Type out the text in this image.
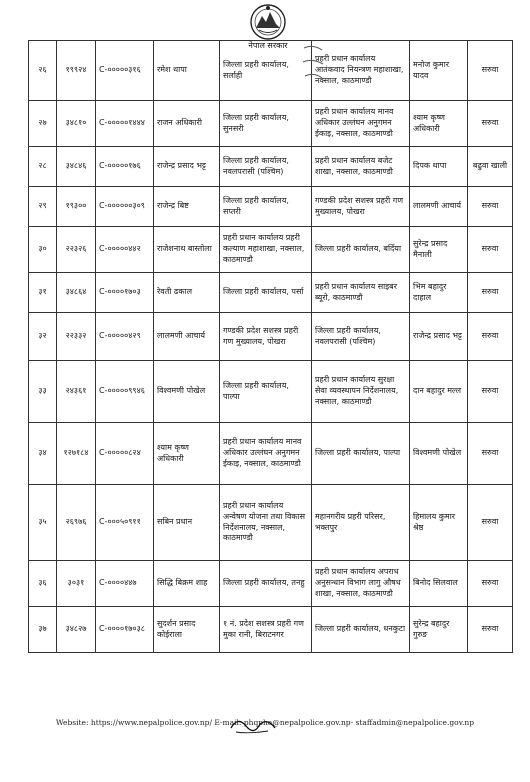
नेपाल सरकार
२६	१९९२४	C-०००००३१६	रमेश थापा	जिल्ला प्रहरी कार्यालय, सर्लाही	प्रहरी प्रधान कार्यालय आतंकवाद नियन्त्रण महाशाखा, नक्साल, काठमाण्डौ	मनोज कुमार यादव	सरुवा
२७	३४८१०	C-०००००१४४४	राजन अधिकारी	जिल्ला प्रहरी कार्यालय, सुनसरी	प्रहरी प्रधान कार्यालय मानव अधिकार उल्लंघन अनुगमन ईकाइ, नक्साल, काठमाण्डौ	श्याम कृष्ण अधिकारी	सरुवा
२८	३४८४६	C-०००००१७६	राजेन्द्र प्रसाद भट्ट	जिल्ला प्रहरी कार्यालय, नवलपरासी (पश्चिम)	प्रहरी प्रधान कार्यालय बजेट शाखा, नक्साल, काठमाण्डौ	दिपक थापा	बढुवा खाली
२९	१९३००	C-००००००३०९	राजेन्द्र बिष्ट	जिल्ला प्रहरी कार्यालय, सप्तरी	गण्डकी प्रदेश सशस्त्र प्रहरी गण मुख्यालय, पोखरा	लालमणी आचार्य	सरुवा
३०	२२३२६	C-०००००४४२	राजेशनाथ बास्तोला	प्रहरी प्रधान कार्यालय प्रहरी कल्याण महाशाखा, नक्साल, काठमाण्डौ	जिल्ला प्रहरी कार्यालय, बर्दिया	सुरेन्द्र प्रसाद मैनाली	सरुवा
३१	३४८६४	C-००००१७०३	रेवती ढकाल	जिल्ला प्रहरी कार्यालय, पर्सा	प्रहरी प्रधान कार्यालय साइबर ब्यूरो, काठमाण्डौ	भिम बहादुर दाहाल	सरुवा
३२	२२३३२	C-०००००४२९	लालमणी आचार्य	गण्डकी प्रदेश सशस्त्र प्रहरी गण मुख्यालय, पोखरा	जिल्ला प्रहरी कार्यालय, नवलपरासी (पश्चिम)	राजेन्द्र प्रसाद भट्ट	सरुवा
३३	२४३६१	C-०००००९९४६	विश्वमणी पोखेल	जिल्ला प्रहरी कार्यालय, पाल्पा	प्रहरी प्रधान कार्यालय सुरक्षा सेवा व्यवस्थापन निर्देशनालय, नक्साल, काठमाण्डौ	दान बहादुर मल्ल	सरुवा
३४	१२७१८४	C-०००००८२४	श्याम कृष्ण अधिकारी	प्रहरी प्रधान कार्यालय मानव अधिकार उल्लंघन अनुगमन ईकाइ, नक्साल, काठमाण्डौ	जिल्ला प्रहरी कार्यालय, पाल्पा	विश्वमणी पोखेल	सरुवा
३५	२६९७६	C-०००५०९११	सबिन प्रधान	प्रहरी प्रधान कार्यालय अन्वेषण योजना तथा विकास निर्देशनालय, नक्साल, काठमाण्डौ	महानगरीय प्रहरी परिसर, भक्तपुर	हिमालय कुमार श्रेष्ठ	सरुवा
३६	३०३१	C-००००४४७	सिद्धि बिक्रम शाह	जिल्ला प्रहरी कार्यालय, तनहु	प्रहरी प्रधान कार्यालय अपराध अनुसन्धान विभाग लागु औषध शाखा, नक्साल, काठमाण्डौ	बिनोद सिलवाल	सरुवा
३७	३४८२७	C-००००१७०३८	सुदर्शन प्रसाद कोईराला	१ नं. प्रदेश सशस्त्र प्रहरी गण मुका रानी, बिराटनगर	जिल्ला प्रहरी कार्यालय, धनकुटा	सुरेन्द्र बहादुर गुरुङ	सरुवा
Website: https://www.nepalpolice.gov.np/ E-mail: phqpha@nepalpolice.gov.np- staffadmin@nepalpolice.gov.np
